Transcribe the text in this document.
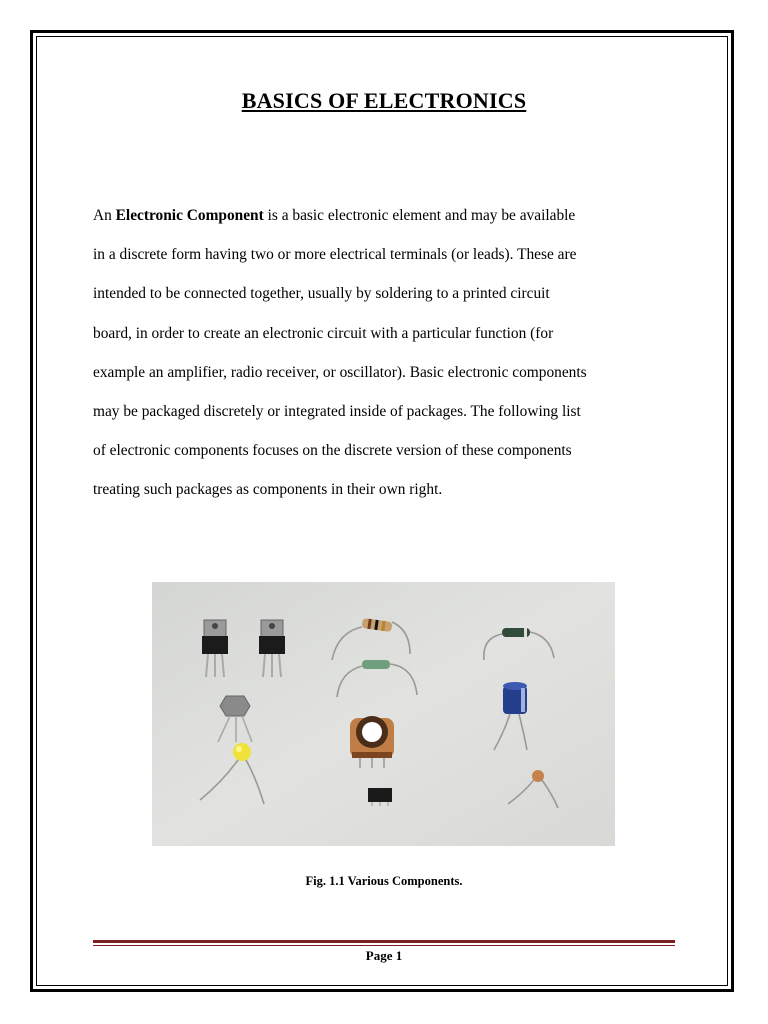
BASICS OF ELECTRONICS
An Electronic Component is a basic electronic element and may be available
in a discrete form having two or more electrical terminals (or leads). These are
intended to be connected together, usually by soldering to a printed circuit
board, in order to create an electronic circuit with a particular function (for
example an amplifier, radio receiver, or oscillator). Basic electronic components
may be packaged discretely or integrated inside of packages. The following list
of electronic components focuses on the discrete version of these components
treating such packages as components in their own right.
Fig. 1.1 Various Components.
Page 1
